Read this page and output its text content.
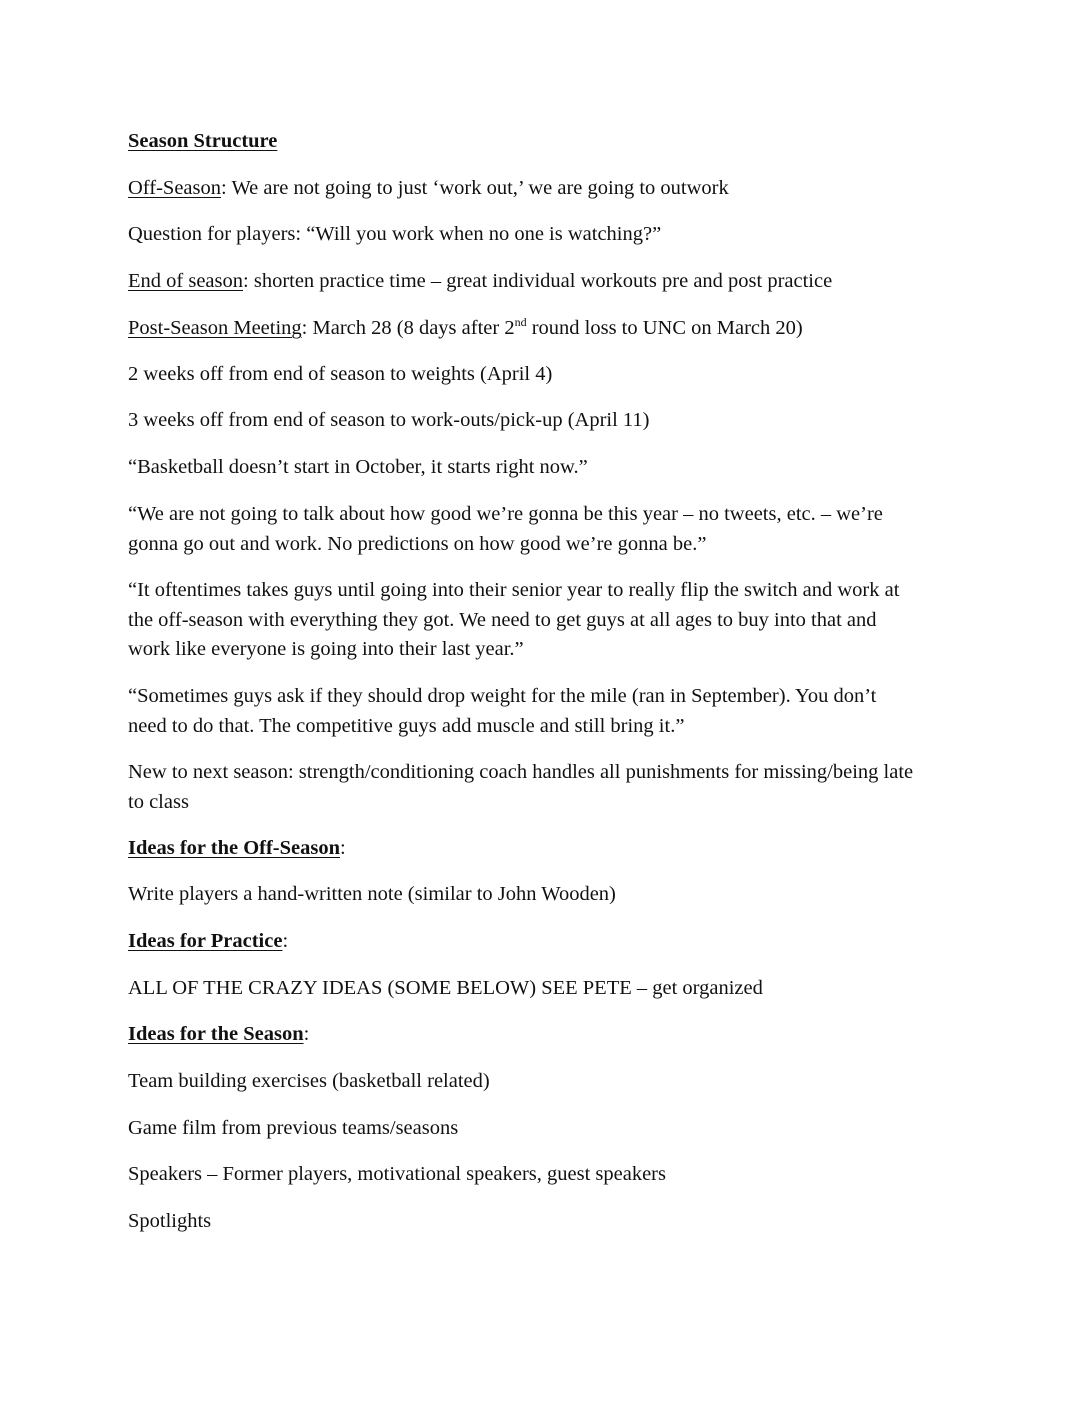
Season Structure

Off-Season: We are not going to just ‘work out,’ we are going to outwork

Question for players: “Will you work when no one is watching?”

End of season: shorten practice time – great individual workouts pre and post practice

Post-Season Meeting: March 28 (8 days after 2nd round loss to UNC on March 20)

2 weeks off from end of season to weights (April 4)

3 weeks off from end of season to work-outs/pick-up (April 11)

“Basketball doesn’t start in October, it starts right now.”

“We are not going to talk about how good we’re gonna be this year – no tweets, etc. – we’re
gonna go out and work. No predictions on how good we’re gonna be.”

“It oftentimes takes guys until going into their senior year to really flip the switch and work at
the off-season with everything they got. We need to get guys at all ages to buy into that and
work like everyone is going into their last year.”

“Sometimes guys ask if they should drop weight for the mile (ran in September). You don’t
need to do that. The competitive guys add muscle and still bring it.”

New to next season: strength/conditioning coach handles all punishments for missing/being late
to class

Ideas for the Off-Season:

Write players a hand-written note (similar to John Wooden)

Ideas for Practice:

ALL OF THE CRAZY IDEAS (SOME BELOW) SEE PETE – get organized

Ideas for the Season:

Team building exercises (basketball related)

Game film from previous teams/seasons

Speakers – Former players, motivational speakers, guest speakers

Spotlights
